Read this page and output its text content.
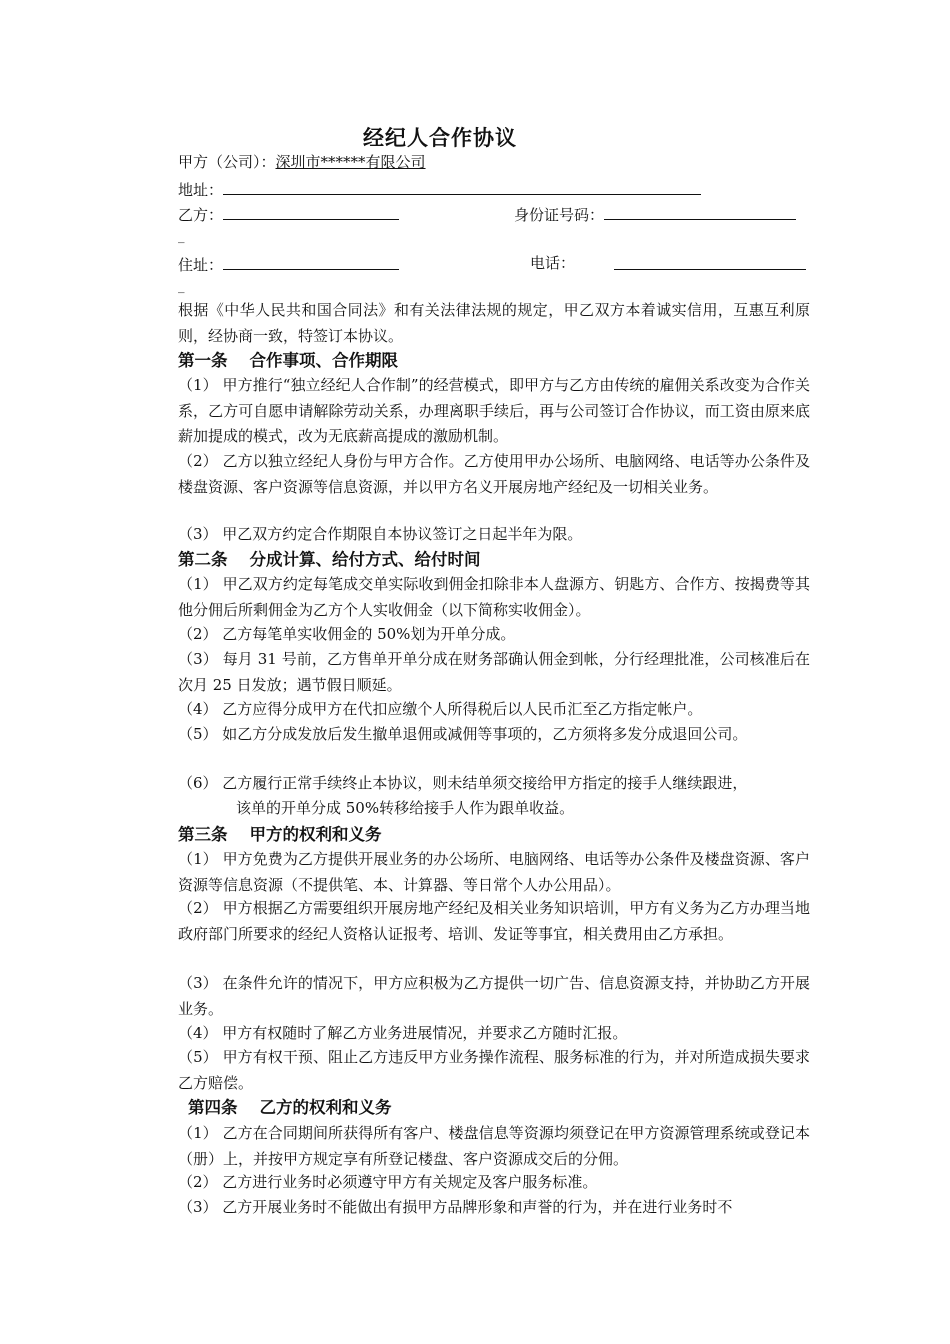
经纪人合作协议
甲方（公司）：深圳市******有限公司
地址：
乙方：	身份证号码：
_
住址：	电话：
_
根据《中华人民共和国合同法》和有关法律法规的规定，甲乙双方本着诚实信用，互惠互利原则，经协商一致，特签订本协议。
第一条 合作事项、合作期限
（1） 甲方推行“独立经纪人合作制”的经营模式，即甲方与乙方由传统的雇佣关系改变为合作关系，乙方可自愿申请解除劳动关系，办理离职手续后，再与公司签订合作协议，而工资由原来底薪加提成的模式，改为无底薪高提成的激励机制。
（2） 乙方以独立经纪人身份与甲方合作。乙方使用甲办公场所、电脑网络、电话等办公条件及楼盘资源、客户资源等信息资源，并以甲方名义开展房地产经纪及一切相关业务。
（3） 甲乙双方约定合作期限自本协议签订之日起半年为限。
第二条 分成计算、给付方式、给付时间
（1） 甲乙双方约定每笔成交单实际收到佣金扣除非本人盘源方、钥匙方、合作方、按揭费等其他分佣后所剩佣金为乙方个人实收佣金（以下简称实收佣金）。
（2） 乙方每笔单实收佣金的 50%划为开单分成。
（3） 每月 31 号前，乙方售单开单分成在财务部确认佣金到帐，分行经理批准，公司核准后在次月 25 日发放；遇节假日顺延。
（4） 乙方应得分成甲方在代扣应缴个人所得税后以人民币汇至乙方指定帐户。
（5） 如乙方分成发放后发生撤单退佣或减佣等事项的，乙方须将多发分成退回公司。
（6） 乙方履行正常手续终止本协议，则未结单须交接给甲方指定的接手人继续跟进，
该单的开单分成 50%转移给接手人作为跟单收益。
第三条 甲方的权利和义务
（1） 甲方免费为乙方提供开展业务的办公场所、电脑网络、电话等办公条件及楼盘资源、客户资源等信息资源（不提供笔、本、计算器、等日常个人办公用品）。
（2） 甲方根据乙方需要组织开展房地产经纪及相关业务知识培训，甲方有义务为乙方办理当地政府部门所要求的经纪人资格认证报考、培训、发证等事宜，相关费用由乙方承担。
（3） 在条件允许的情况下，甲方应积极为乙方提供一切广告、信息资源支持，并协助乙方开展业务。
（4） 甲方有权随时了解乙方业务进展情况，并要求乙方随时汇报。
（5） 甲方有权干预、阻止乙方违反甲方业务操作流程、服务标准的行为，并对所造成损失要求乙方赔偿。
第四条 乙方的权利和义务
（1） 乙方在合同期间所获得所有客户、楼盘信息等资源均须登记在甲方资源管理系统或登记本（册）上，并按甲方规定享有所登记楼盘、客户资源成交后的分佣。
（2） 乙方进行业务时必须遵守甲方有关规定及客户服务标准。
（3） 乙方开展业务时不能做出有损甲方品牌形象和声誉的行为，并在进行业务时不
